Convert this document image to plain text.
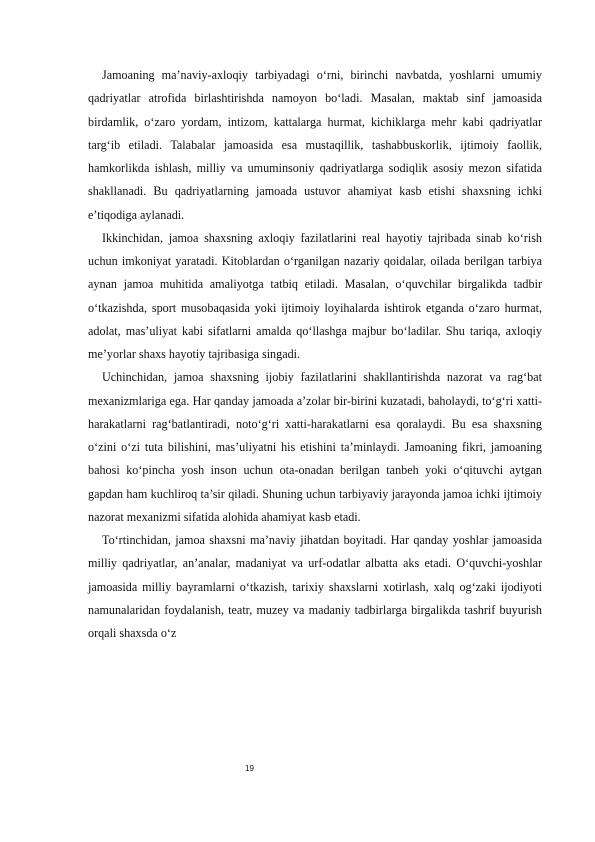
Jamoaning ma’naviy-axloqiy tarbiyadagi o‘rni, birinchi navbatda, yoshlarni umumiy qadriyatlar atrofida birlashtirishda namoyon bo‘ladi. Masalan, maktab sinf jamoasida birdamlik, o‘zaro yordam, intizom, kattalarga hurmat, kichiklarga mehr kabi qadriyatlar targ‘ib etiladi. Talabalar jamoasida esa mustaqillik, tashabbuskorlik, ijtimoiy faollik, hamkorlikda ishlash, milliy va umuminsoniy qadriyatlarga sodiqlik asosiy mezon sifatida shakllanadi. Bu qadriyatlarning jamoada ustuvor ahamiyat kasb etishi shaxsning ichki e’tiqodiga aylanadi.

Ikkinchidan, jamoa shaxsning axloqiy fazilatlarini real hayotiy tajribada sinab ko‘rish uchun imkoniyat yaratadi. Kitoblardan o‘rganilgan nazariy qoidalar, oilada berilgan tarbiya aynan jamoa muhitida amaliyotga tatbiq etiladi. Masalan, o‘quvchilar birgalikda tadbir o‘tkazishda, sport musobaqasida yoki ijtimoiy loyihalarda ishtirok etganda o‘zaro hurmat, adolat, mas’uliyat kabi sifatlarni amalda qo‘llashga majbur bo‘ladilar. Shu tariqa, axloqiy me’yorlar shaxs hayotiy tajribasiga singadi.

Uchinchidan, jamoa shaxsning ijobiy fazilatlarini shakllantirishda nazorat va rag‘bat mexanizmlariga ega. Har qanday jamoada a’zolar bir-birini kuzatadi, baholaydi, to‘g‘ri xatti-harakatlarni rag‘batlantiradi, noto‘g‘ri xatti-harakatlarni esa qoralaydi. Bu esa shaxsning o‘zini o‘zi tuta bilishini, mas’uliyatni his etishini ta’minlaydi. Jamoaning fikri, jamoaning bahosi ko‘pincha yosh inson uchun ota-onadan berilgan tanbeh yoki o‘qituvchi aytgan gapdan ham kuchliroq ta’sir qiladi. Shuning uchun tarbiyaviy jarayonda jamoa ichki ijtimoiy nazorat mexanizmi sifatida alohida ahamiyat kasb etadi.

To‘rtinchidan, jamoa shaxsni ma’naviy jihatdan boyitadi. Har qanday yoshlar jamoasida milliy qadriyatlar, an’analar, madaniyat va urf-odatlar albatta aks etadi. O‘quvchi-yoshlar jamoasida milliy bayramlarni o‘tkazish, tarixiy shaxslarni xotirlash, xalq og‘zaki ijodiyoti namunalaridan foydalanish, teatr, muzey va madaniy tadbirlarga birgalikda tashrif buyurish orqali shaxsda o‘z

19
